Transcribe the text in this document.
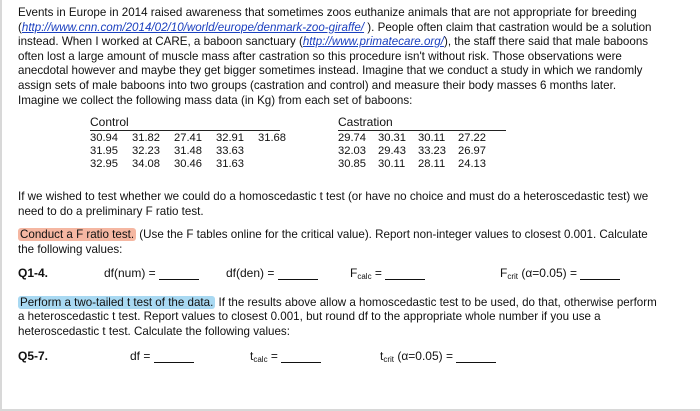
Events in Europe in 2014 raised awareness that sometimes zoos euthanize animals that are not appropriate for breeding (http://www.cnn.com/2014/02/10/world/europe/denmark-zoo-giraffe/ ). People often claim that castration would be a solution instead. When I worked at CARE, a baboon sanctuary (http://www.primatecare.org/), the staff there said that male baboons often lost a large amount of muscle mass after castration so this procedure isn't without risk. Those observations were anecdotal however and maybe they get bigger sometimes instead. Imagine that we conduct a study in which we randomly assign sets of male baboons into two groups (castration and control) and measure their body masses 6 months later. Imagine we collect the following mass data (in Kg) from each set of baboons:

Control
30.94 31.82 27.41 32.91 31.68
31.95 32.23 31.48 33.63
32.95 34.08 30.46 31.63
Castration
29.74 30.31 30.11 27.22
32.03 29.43 33.23 26.97
30.85 30.11 28.11 24.13

If we wished to test whether we could do a homoscedastic t test (or have no choice and must do a heteroscedastic test) we need to do a preliminary F ratio test.

Conduct a F ratio test. (Use the F tables online for the critical value). Report non-integer values to closest 0.001. Calculate the following values:

Q1-4.	df(num) =	df(den) =	$F_{calc}$ =	$F_{crit}$ (α=0.05) =

Perform a two-tailed t test of the data. If the results above allow a homoscedastic test to be used, do that, otherwise perform a heteroscedastic t test. Report values to closest 0.001, but round df to the appropriate whole number if you use a heteroscedastic t test. Calculate the following values:

Q5-7.	df =	$t_{calc}$ =	$t_{crit}$ (α=0.05) =
